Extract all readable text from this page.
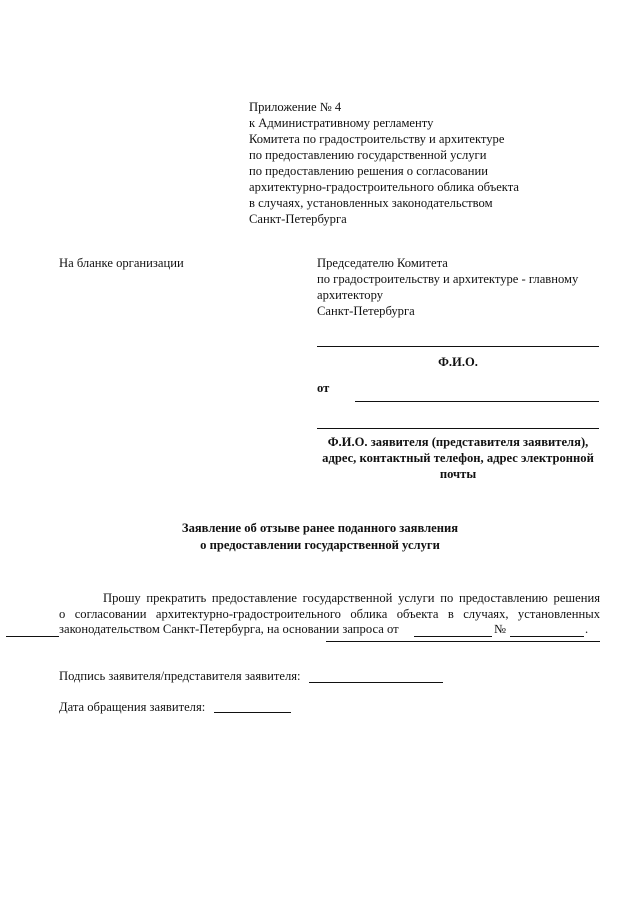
Приложение № 4
к Административному регламенту
Комитета по градостроительству и архитектуре
по предоставлению государственной услуги
по предоставлению решения о согласовании
архитектурно-градостроительного облика объекта
в случаях, установленных законодательством
Санкт-Петербурга
На бланке организации	Председателю Комитета
по градостроительству и архитектуре - главному
архитектору
Санкт-Петербурга
Ф.И.О.
от
Ф.И.О. заявителя (представителя заявителя),
адрес, контактный телефон, адрес электронной
почты
Заявление об отзыве ранее поданного заявления
о предоставлении государственной услуги
Прошу прекратить предоставление государственной услуги по предоставлению решения
о согласовании архитектурно-градостроительного облика объекта в случаях, установленных
законодательством Санкт-Петербурга, на основании запроса от	№	.
Подпись заявителя/представителя заявителя:
Дата обращения заявителя:
